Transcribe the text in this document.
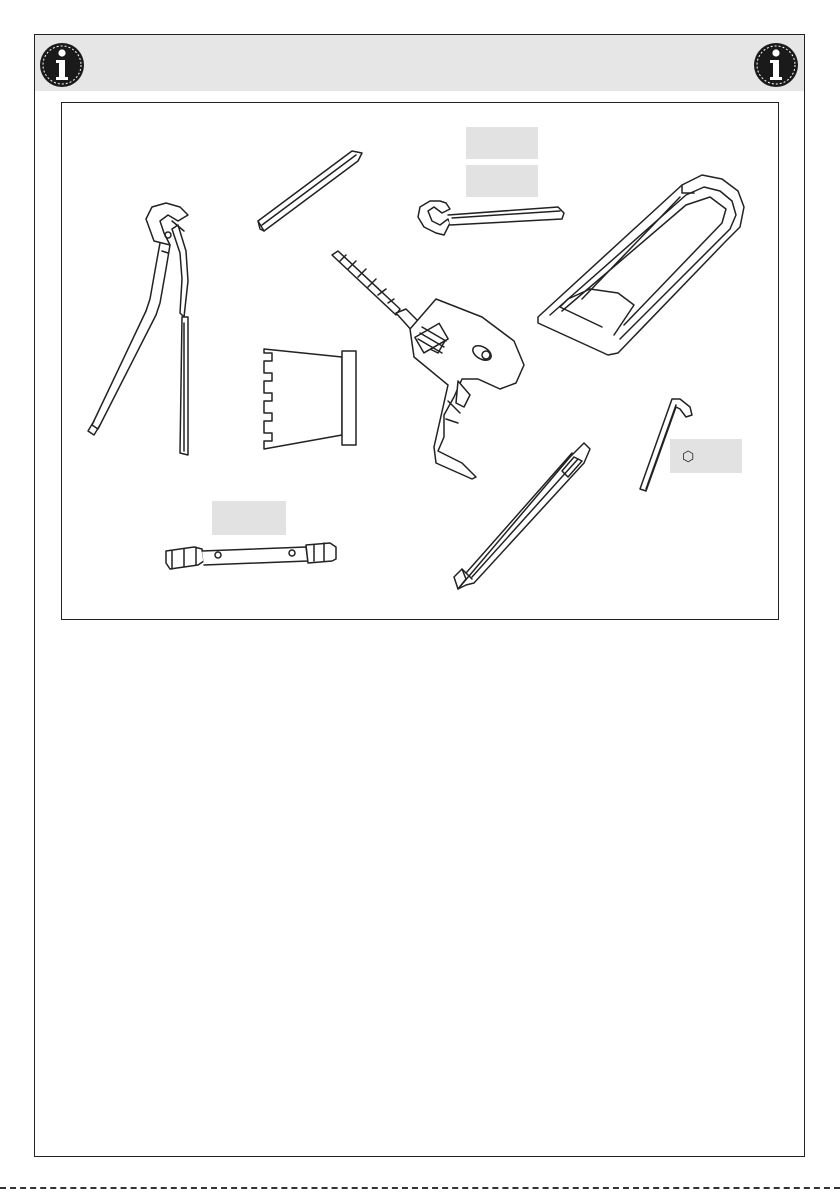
⬡
